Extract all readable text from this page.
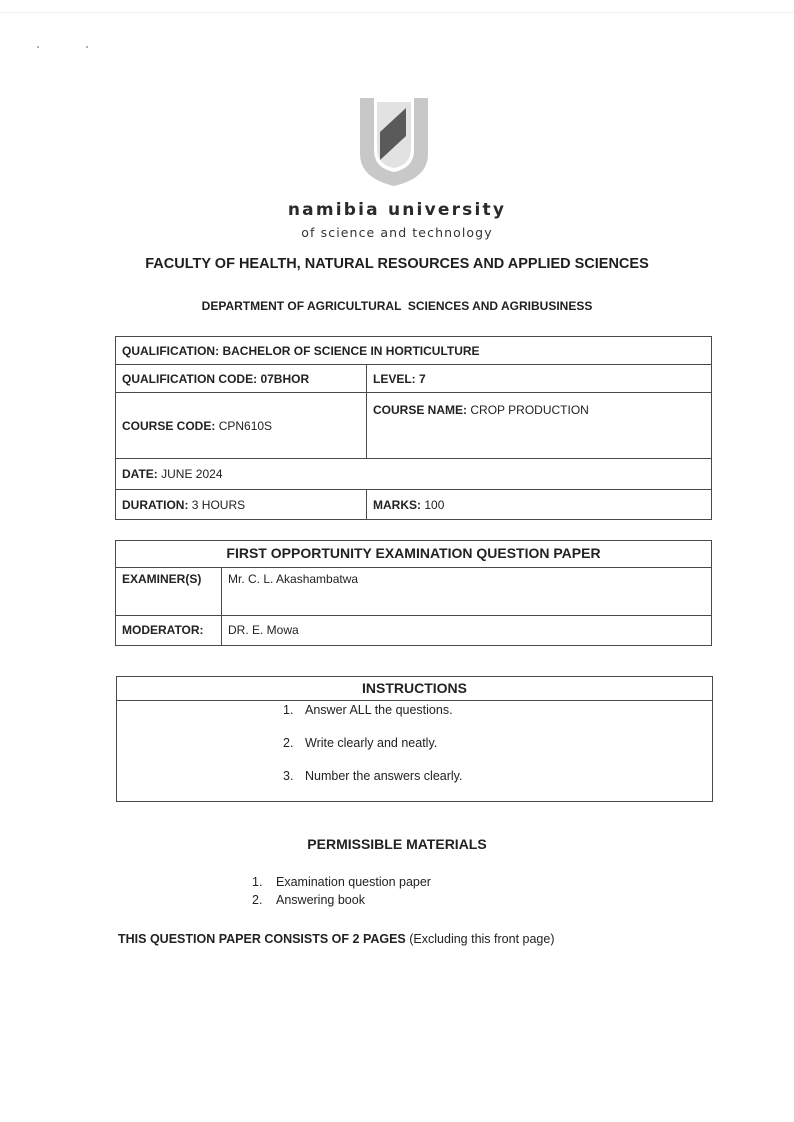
namibia university
of science and technology
FACULTY OF HEALTH, NATURAL RESOURCES AND APPLIED SCIENCES
DEPARTMENT OF AGRICULTURAL  SCIENCES AND AGRIBUSINESS
QUALIFICATION: BACHELOR OF SCIENCE IN HORTICULTURE	
QUALIFICATION CODE: 07BHOR	LEVEL: 7
COURSE CODE: CPN610S	COURSE NAME: CROP PRODUCTION
DATE: JUNE 2024	
DURATION: 3 HOURS	MARKS: 100
FIRST OPPORTUNITY EXAMINATION QUESTION PAPER	
EXAMINER(S)	Mr. C. L. Akashambatwa
MODERATOR:	DR. E. Mowa
INSTRUCTIONS
1. Answer ALL the questions.
2. Write clearly and neatly.
3. Number the answers clearly.
PERMISSIBLE MATERIALS
1. Examination question paper
2. Answering book
THIS QUESTION PAPER CONSISTS OF 2 PAGES (Excluding this front page)
